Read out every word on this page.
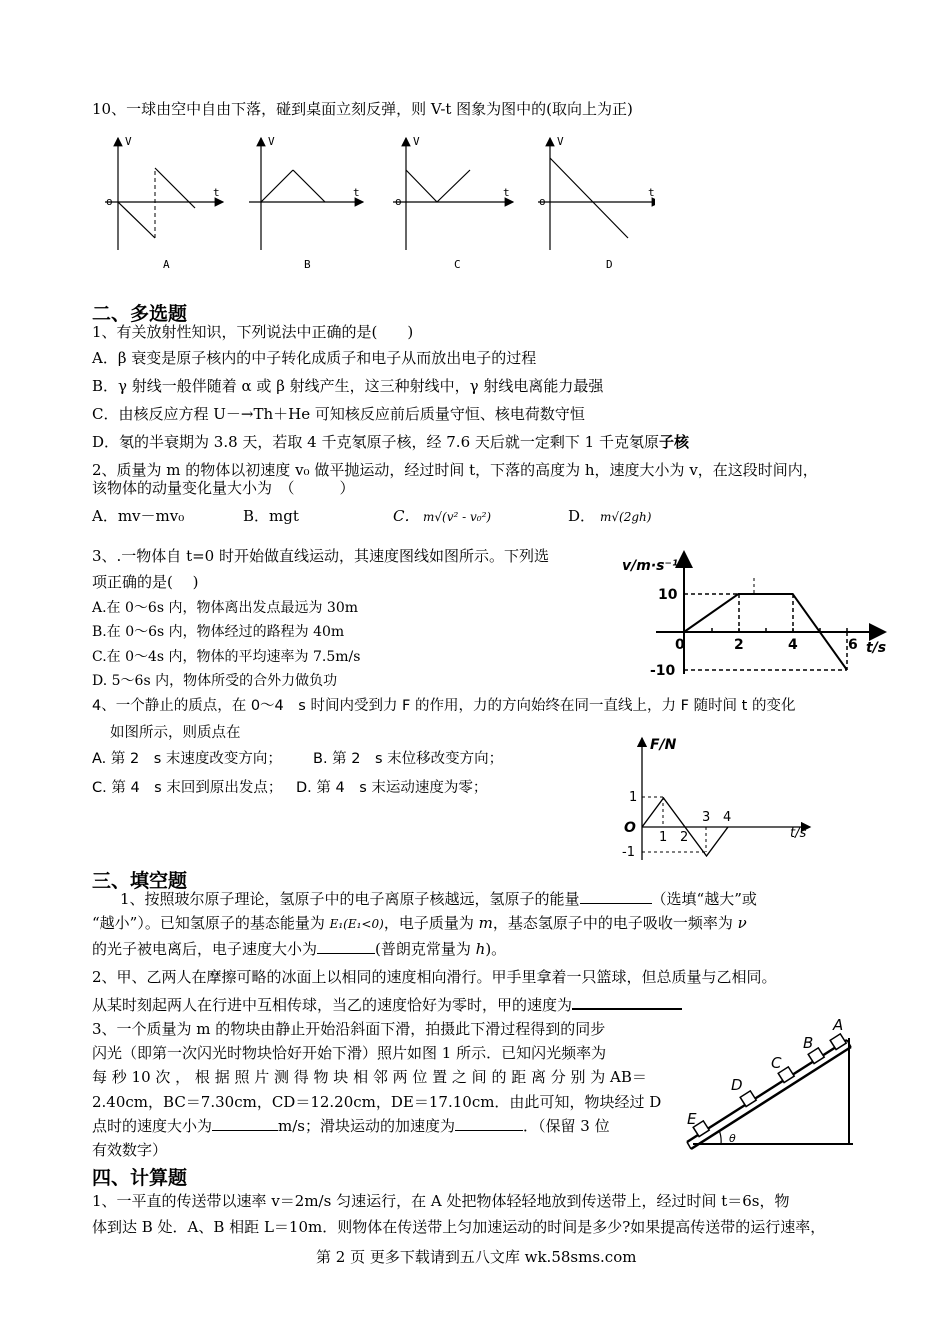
10、一球由空中自由下落，碰到桌面立刻反弹，则 V-t 图象为图中的(取向上为正)
V
t
o
A
V
t
B
V
t
o
C
V
t
o
D
二、多选题
1、有关放射性知识，下列说法中正确的是(　　)
A．β 衰变是原子核内的中子转化成质子和电子从而放出电子的过程
B．γ 射线一般伴随着 α 或 β 射线产生，这三种射线中，γ 射线电离能力最强
C．由核反应方程 U－→Th＋He 可知核反应前后质量守恒、核电荷数守恒
D．氡的半衰期为 3.8 天，若取 4 千克氡原子核，经 7.6 天后就一定剩下 1 千克氡原子核
2、质量为 m 的物体以初速度 v₀ 做平抛运动，经过时间 t，下落的高度为 h，速度大小为 v，在这段时间内，
该物体的动量变化量大小为　（　　　）
A．mv－mv₀	B．mgt	C． m√(v² - v₀²)	D． m√(2gh)
3、.一物体自 t=0 时开始做直线运动，其速度图线如图所示。下列选
项正确的是(　 )
A.在 0～6s 内，物体离出发点最远为 30m
B.在 0～6s 内，物体经过的路程为 40m
C.在 0～4s 内，物体的平均速率为 7.5m/s
D. 5～6s 内，物体所受的合外力做负功
v/m·s⁻¹
t/s
10
-10
0	2	4	6
4、一个静止的质点，在 0～4　s 时间内受到力 F 的作用，力的方向始终在同一直线上，力 F 随时间 t 的变化
如图所示，则质点在
A. 第 2　s 末速度改变方向； B. 第 2　s 末位移改变方向；
C. 第 4　s 末回到原出发点； D. 第 4　s 末运动速度为零；
F/N
t/s
O
1
-1
1 2
3 4
三、填空题
1、按照玻尔原子理论，氢原子中的电子离原子核越远，氢原子的能量	（选填“越大”或
“越小”）。已知氢原子的基态能量为 E₁(E₁<0)，电子质量为 m，基态氢原子中的电子吸收一频率为 ν
的光子被电离后，电子速度大小为	(普朗克常量为 h)。
2、甲、乙两人在摩擦可略的冰面上以相同的速度相向滑行。甲手里拿着一只篮球，但总质量与乙相同。
从某时刻起两人在行进中互相传球，当乙的速度恰好为零时，甲的速度为
3、一个质量为 m 的物块由静止开始沿斜面下滑，拍摄此下滑过程得到的同步
闪光（即第一次闪光时物块恰好开始下滑）照片如图 1 所示．已知闪光频率为
每 秒 10 次 ， 根 据 照 片 测 得 物 块 相 邻 两 位 置 之 间 的 距 离 分 别 为 AB＝
2.40cm，BC＝7.30cm，CD＝12.20cm，DE＝17.10cm．由此可知，物块经过 D
点时的速度大小为	m/s；滑块运动的加速度为	．（保留 3 位
有效数字）
A
B
C
D
E
θ
四、计算题
1、一平直的传送带以速率 v＝2m/s 匀速运行，在 A 处把物体轻轻地放到传送带上，经过时间 t＝6s，物
体到达 B 处．A、B 相距 L＝10m．则物体在传送带上匀加速运动的时间是多少?如果提高传送带的运行速率，
第 2 页 更多下载请到五八文库 wk.58sms.com
